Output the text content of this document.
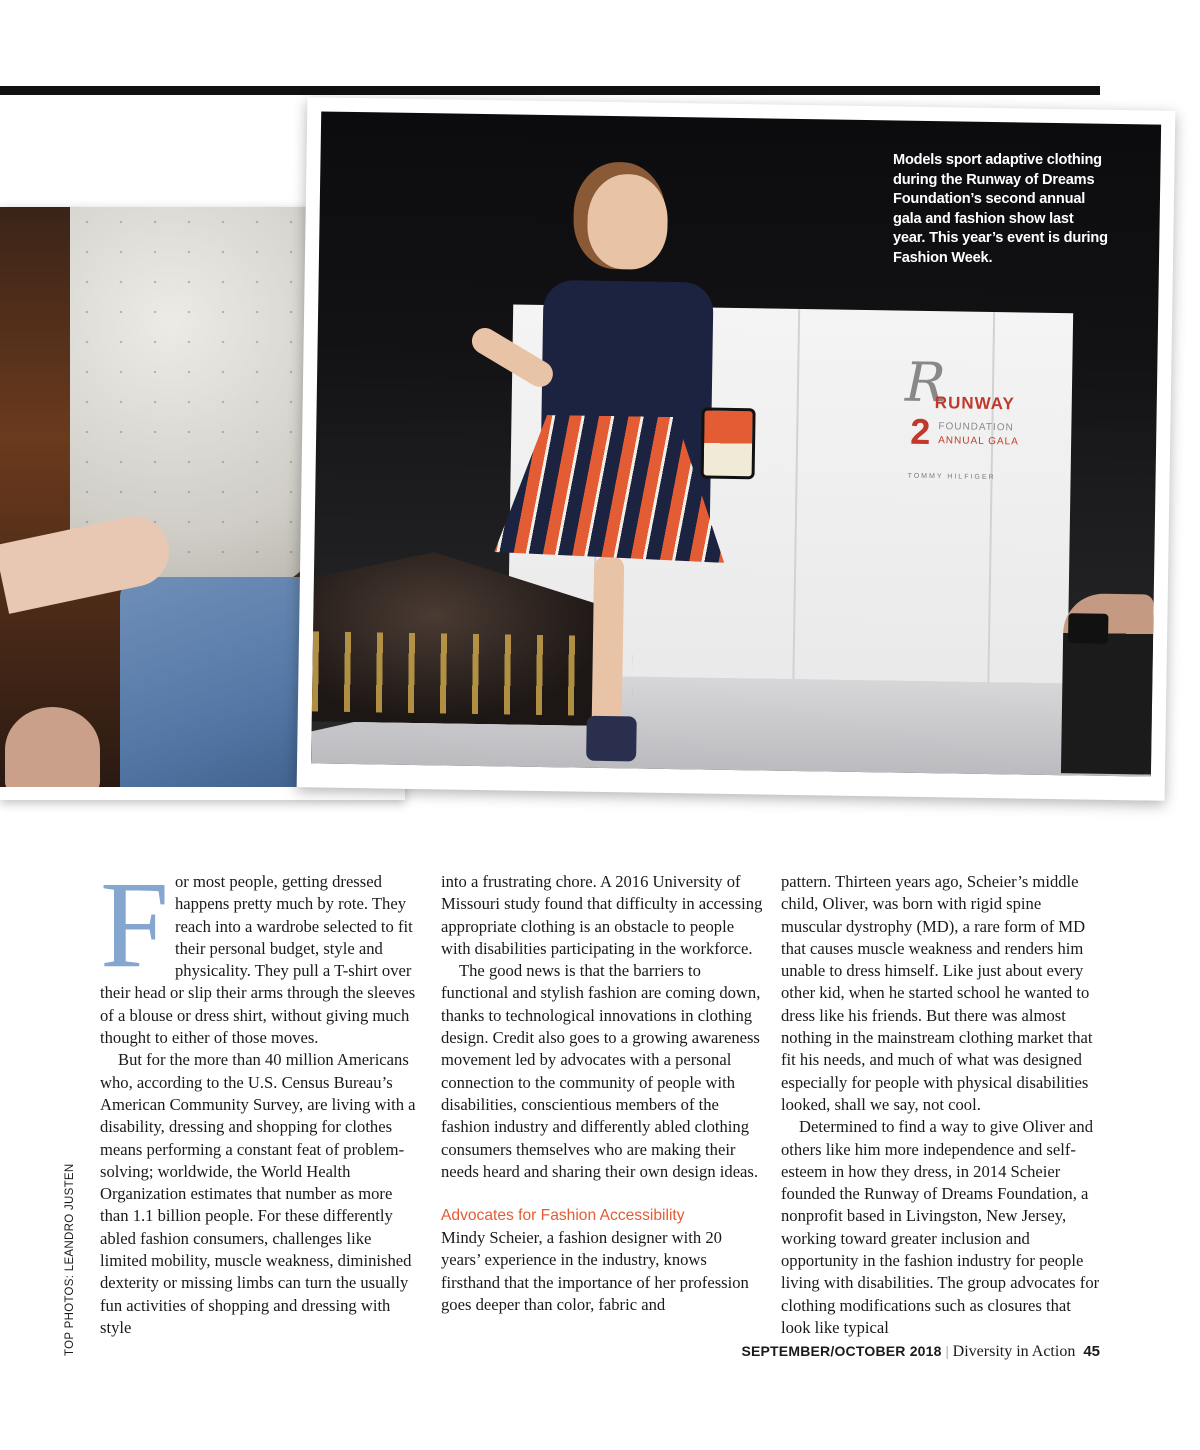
R
RUNWAY
2 FOUNDATION
ANNUAL GALA
TOMMY HILFIGER
Models sport adaptive clothing during the Runway of Dreams Foundation’s second annual gala and fashion show last year. This year’s event is during Fashion Week.
TOP PHOTOS: LEANDRO JUSTEN

For most people, getting dressed happens pretty much by rote. They reach into a wardrobe selected to fit their personal budget, style and physicality. They pull a T-shirt over their head or slip their arms through the sleeves of a blouse or dress shirt, without giving much thought to either of those moves.

But for the more than 40 million Americans who, according to the U.S. Census Bureau’s American Community Survey, are living with a disability, dressing and shopping for clothes means performing a constant feat of problem-solving; worldwide, the World Health Organization estimates that number as more than 1.1 billion people. For these differently abled fashion consumers, challenges like limited mobility, muscle weakness, diminished dexterity or missing limbs can turn the usually fun activities of shopping and dressing with style

into a frustrating chore. A 2016 University of Missouri study found that difficulty in accessing appropriate clothing is an obstacle to people with disabilities participating in the workforce.

The good news is that the barriers to functional and stylish fashion are coming down, thanks to technological innovations in clothing design. Credit also goes to a growing awareness movement led by advocates with a personal connection to the community of people with disabilities, conscientious members of the fashion industry and differently abled clothing consumers themselves who are making their needs heard and sharing their own design ideas.

Advocates for Fashion Accessibility

Mindy Scheier, a fashion designer with 20 years’ experience in the industry, knows firsthand that the importance of her profession goes deeper than color, fabric and

pattern. Thirteen years ago, Scheier’s middle child, Oliver, was born with rigid spine muscular dystrophy (MD), a rare form of MD that causes muscle weakness and renders him unable to dress himself. Like just about every other kid, when he started school he wanted to dress like his friends. But there was almost nothing in the mainstream clothing market that fit his needs, and much of what was designed especially for people with physical disabilities looked, shall we say, not cool.

Determined to find a way to give Oliver and others like him more independence and self-esteem in how they dress, in 2014 Scheier founded the Runway of Dreams Foundation, a nonprofit based in Livingston, New Jersey, working toward greater inclusion and opportunity in the fashion industry for people living with disabilities. The group advocates for clothing modifications such as closures that look like typical

SEPTEMBER/OCTOBER 2018 | Diversity in Action 45
